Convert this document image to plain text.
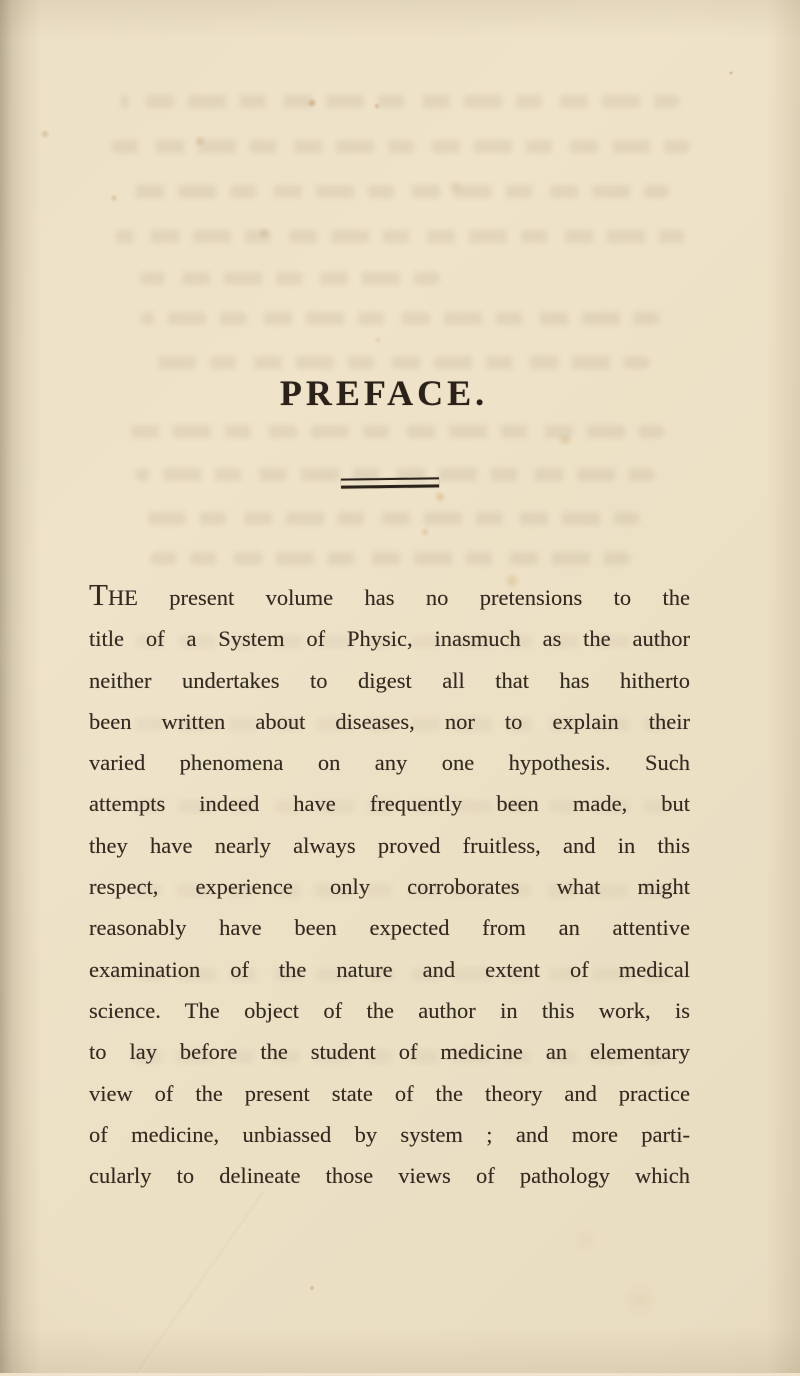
PREFACE.
THE present volume has no pretensions to the
title of a System of Physic, inasmuch as the author
neither undertakes to digest all that has hitherto
been written about diseases, nor to explain their
varied phenomena on any one hypothesis. Such
attempts indeed have frequently been made, but
they have nearly always proved fruitless, and in this
respect, experience only corroborates what might
reasonably have been expected from an attentive
examination of the nature and extent of medical
science. The object of the author in this work, is
to lay before the student of medicine an elementary
view of the present state of the theory and practice
of medicine, unbiassed by system ; and more parti-
cularly to delineate those views of pathology which
